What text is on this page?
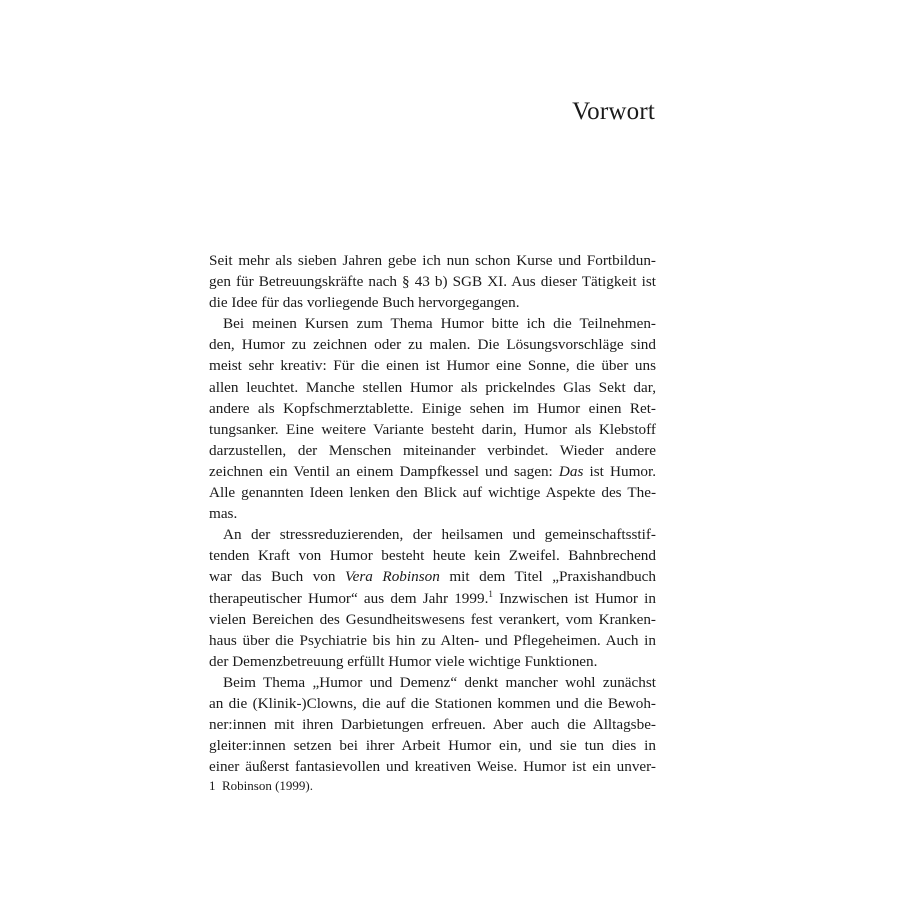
Vorwort

Seit mehr als sieben Jahren gebe ich nun schon Kurse und Fortbildun-

gen für Betreuungskräfte nach § 43 b) SGB XI. Aus dieser Tätigkeit ist

die Idee für das vorliegende Buch hervorgegangen.

Bei meinen Kursen zum Thema Humor bitte ich die Teilnehmen-

den, Humor zu zeichnen oder zu malen. Die Lösungsvorschläge sind

meist sehr kreativ: Für die einen ist Humor eine Sonne, die über uns

allen leuchtet. Manche stellen Humor als prickelndes Glas Sekt dar,

andere als Kopfschmerztablette. Einige sehen im Humor einen Ret-

tungsanker. Eine weitere Variante besteht darin, Humor als Klebstoff

darzustellen, der Menschen miteinander verbindet. Wieder andere

zeichnen ein Ventil an einem Dampfkessel und sagen: Das ist Humor.

Alle genannten Ideen lenken den Blick auf wichtige Aspekte des The-

mas.

An der stressreduzierenden, der heilsamen und gemeinschaftsstif-

tenden Kraft von Humor besteht heute kein Zweifel. Bahnbrechend

war das Buch von Vera Robinson mit dem Titel „Praxishandbuch

therapeutischer Humor“ aus dem Jahr 1999.$^1$ Inzwischen ist Humor in

vielen Bereichen des Gesundheitswesens fest verankert, vom Kranken-

haus über die Psychiatrie bis hin zu Alten- und Pflegeheimen. Auch in

der Demenzbetreuung erfüllt Humor viele wichtige Funktionen.

Beim Thema „Humor und Demenz“ denkt mancher wohl zunächst

an die (Klinik-)Clowns, die auf die Stationen kommen und die Bewoh-

ner:innen mit ihren Darbietungen erfreuen. Aber auch die Alltagsbe-

gleiter:innen setzen bei ihrer Arbeit Humor ein, und sie tun dies in

einer äußerst fantasievollen und kreativen Weise. Humor ist ein unver-

1 Robinson (1999).
